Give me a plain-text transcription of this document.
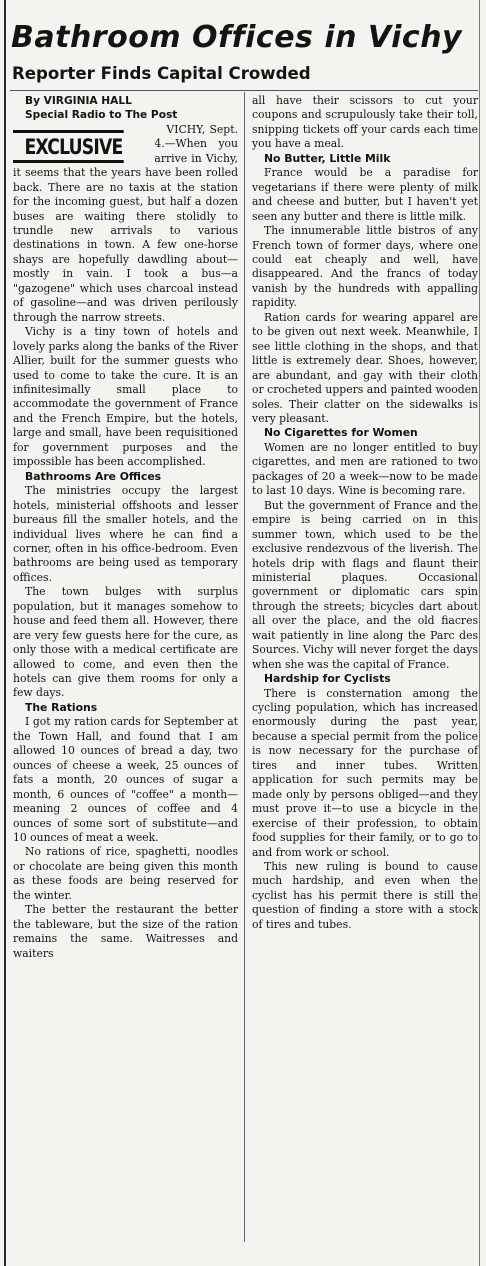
Bathroom Offices in Vichy
Reporter Finds Capital Crowded

By VIRGINIA HALL

Special Radio to The Post

EXCLUSIVE
VICHY, Sept. 4.—When you arrive in Vichy, it seems that the years have been rolled back. There are no taxis at the station for the incoming guest, but half a dozen buses are waiting there stolidly to trundle new arrivals to various destinations in town. A few one-horse shays are hopefully dawdling about—mostly in vain. I took a bus—a "gazogene" which uses charcoal instead of gasoline—and was driven perilously through the narrow streets.

Vichy is a tiny town of hotels and lovely parks along the banks of the River Allier, built for the summer guests who used to come to take the cure. It is an infinitesimally small place to accommodate the government of France and the French Empire, but the hotels, large and small, have been requisitioned for government purposes and the impossible has been accomplished.

Bathrooms Are Offices

The ministries occupy the largest hotels, ministerial offshoots and lesser bureaus fill the smaller hotels, and the individual lives where he can find a corner, often in his office-bedroom. Even bathrooms are being used as temporary offices.

The town bulges with surplus population, but it manages somehow to house and feed them all. However, there are very few guests here for the cure, as only those with a medical certificate are allowed to come, and even then the hotels can give them rooms for only a few days.

The Rations

I got my ration cards for September at the Town Hall, and found that I am allowed 10 ounces of bread a day, two ounces of cheese a week, 25 ounces of fats a month, 20 ounces of sugar a month, 6 ounces of "coffee" a month—meaning 2 ounces of coffee and 4 ounces of some sort of substitute—and 10 ounces of meat a week.

No rations of rice, spaghetti, noodles or chocolate are being given this month as these foods are being reserved for the winter.

The better the restaurant the better the tableware, but the size of the ration remains the same. Waitresses and waiters

all have their scissors to cut your coupons and scrupulously take their toll, snipping tickets off your cards each time you have a meal.

No Butter, Little Milk

France would be a paradise for vegetarians if there were plenty of milk and cheese and butter, but I haven't yet seen any butter and there is little milk.

The innumerable little bistros of any French town of former days, where one could eat cheaply and well, have disappeared. And the francs of today vanish by the hundreds with appalling rapidity.

Ration cards for wearing apparel are to be given out next week. Meanwhile, I see little clothing in the shops, and that little is extremely dear. Shoes, however, are abundant, and gay with their cloth or crocheted uppers and painted wooden soles. Their clatter on the sidewalks is very pleasant.

No Cigarettes for Women

Women are no longer entitled to buy cigarettes, and men are rationed to two packages of 20 a week—now to be made to last 10 days. Wine is becoming rare.

But the government of France and the empire is being carried on in this summer town, which used to be the exclusive rendezvous of the liverish. The hotels drip with flags and flaunt their ministerial plaques. Occasional government or diplomatic cars spin through the streets; bicycles dart about all over the place, and the old fiacres wait patiently in line along the Parc des Sources. Vichy will never forget the days when she was the capital of France.

Hardship for Cyclists

There is consternation among the cycling population, which has increased enormously during the past year, because a special permit from the police is now necessary for the purchase of tires and inner tubes. Written application for such permits may be made only by persons obliged—and they must prove it—to use a bicycle in the exercise of their profession, to obtain food supplies for their family, or to go to and from work or school.

This new ruling is bound to cause much hardship, and even when the cyclist has his permit there is still the question of finding a store with a stock of tires and tubes.
